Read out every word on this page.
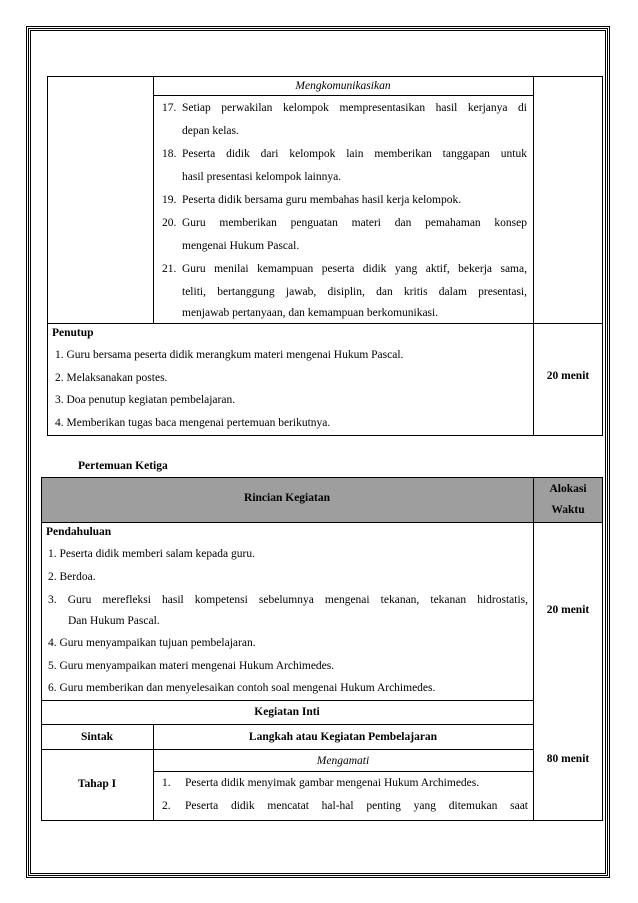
Mengkomunikasikan
17. Setiap perwakilan kelompok mempresentasikan hasil kerjanya di
depan kelas.
18. Peserta didik dari kelompok lain memberikan tanggapan untuk
hasil presentasi kelompok lainnya.
19. Peserta didik bersama guru membahas hasil kerja kelompok.
20. Guru memberikan penguatan materi dan pemahaman konsep
mengenai Hukum Pascal.
21. Guru menilai kemampuan peserta didik yang aktif, bekerja sama,
teliti, bertanggung jawab, disiplin, dan kritis dalam presentasi,
menjawab pertanyaan, dan kemampuan berkomunikasi.
Penutup
1. Guru bersama peserta didik merangkum materi mengenai Hukum Pascal.
2. Melaksanakan postes.
3. Doa penutup kegiatan pembelajaran.
4. Memberikan tugas baca mengenai pertemuan berikutnya.
20 menit
Pertemuan Ketiga
Rincian Kegiatan
Alokasi
Waktu
Pendahuluan
1. Peserta didik memberi salam kepada guru.
2. Berdoa.
3. Guru merefleksi hasil kompetensi sebelumnya mengenai tekanan, tekanan hidrostatis,
Dan Hukum Pascal.
4. Guru menyampaikan tujuan pembelajaran.
5. Guru menyampaikan materi mengenai Hukum Archimedes.
6. Guru memberikan dan menyelesaikan contoh soal mengenai Hukum Archimedes.
20 menit
Kegiatan Inti
Sintak	Langkah atau Kegiatan Pembelajaran
80 menit
Mengamati
Tahap I	1. Peserta didik menyimak gambar mengenai Hukum Archimedes.
2. Peserta didik mencatat hal-hal penting yang ditemukan saat
